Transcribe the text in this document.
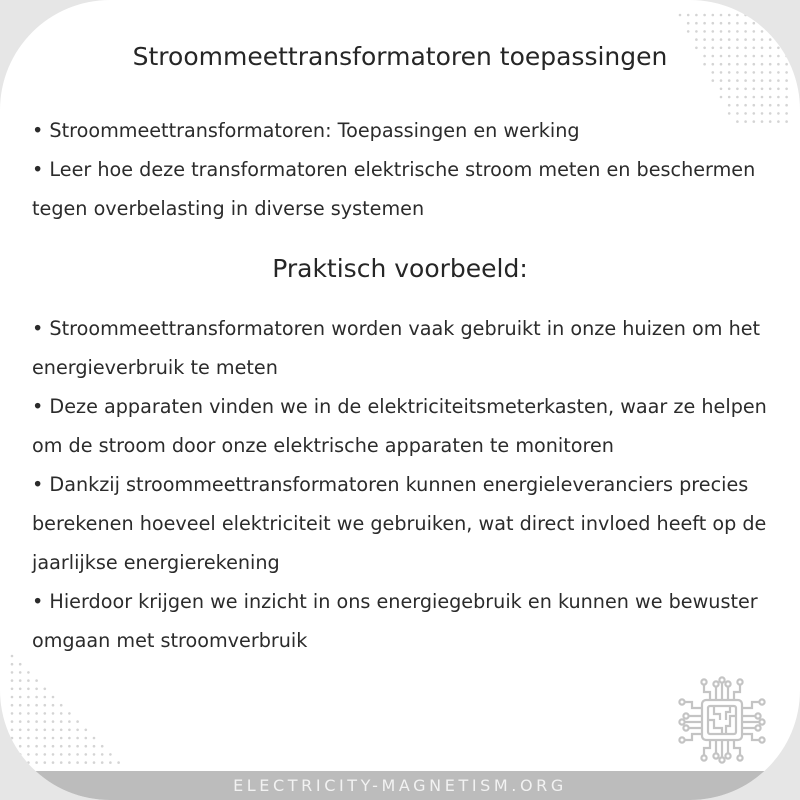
Stroommeettransformatoren toepassingen

• Stroommeettransformatoren: Toepassingen en werking

• Leer hoe deze transformatoren elektrische stroom meten en beschermen tegen overbelasting in diverse systemen

Praktisch voorbeeld:

• Stroommeettransformatoren worden vaak gebruikt in onze huizen om het energieverbruik te meten

• Deze apparaten vinden we in de elektriciteitsmeterkasten, waar ze helpen om de stroom door onze elektrische apparaten te monitoren

• Dankzij stroommeettransformatoren kunnen energieleveranciers precies berekenen hoeveel elektriciteit we gebruiken, wat direct invloed heeft op de jaarlijkse energierekening

• Hierdoor krijgen we inzicht in ons energiegebruik en kunnen we bewuster omgaan met stroomverbruik

ELECTRICITY-MAGNETISM.ORG
